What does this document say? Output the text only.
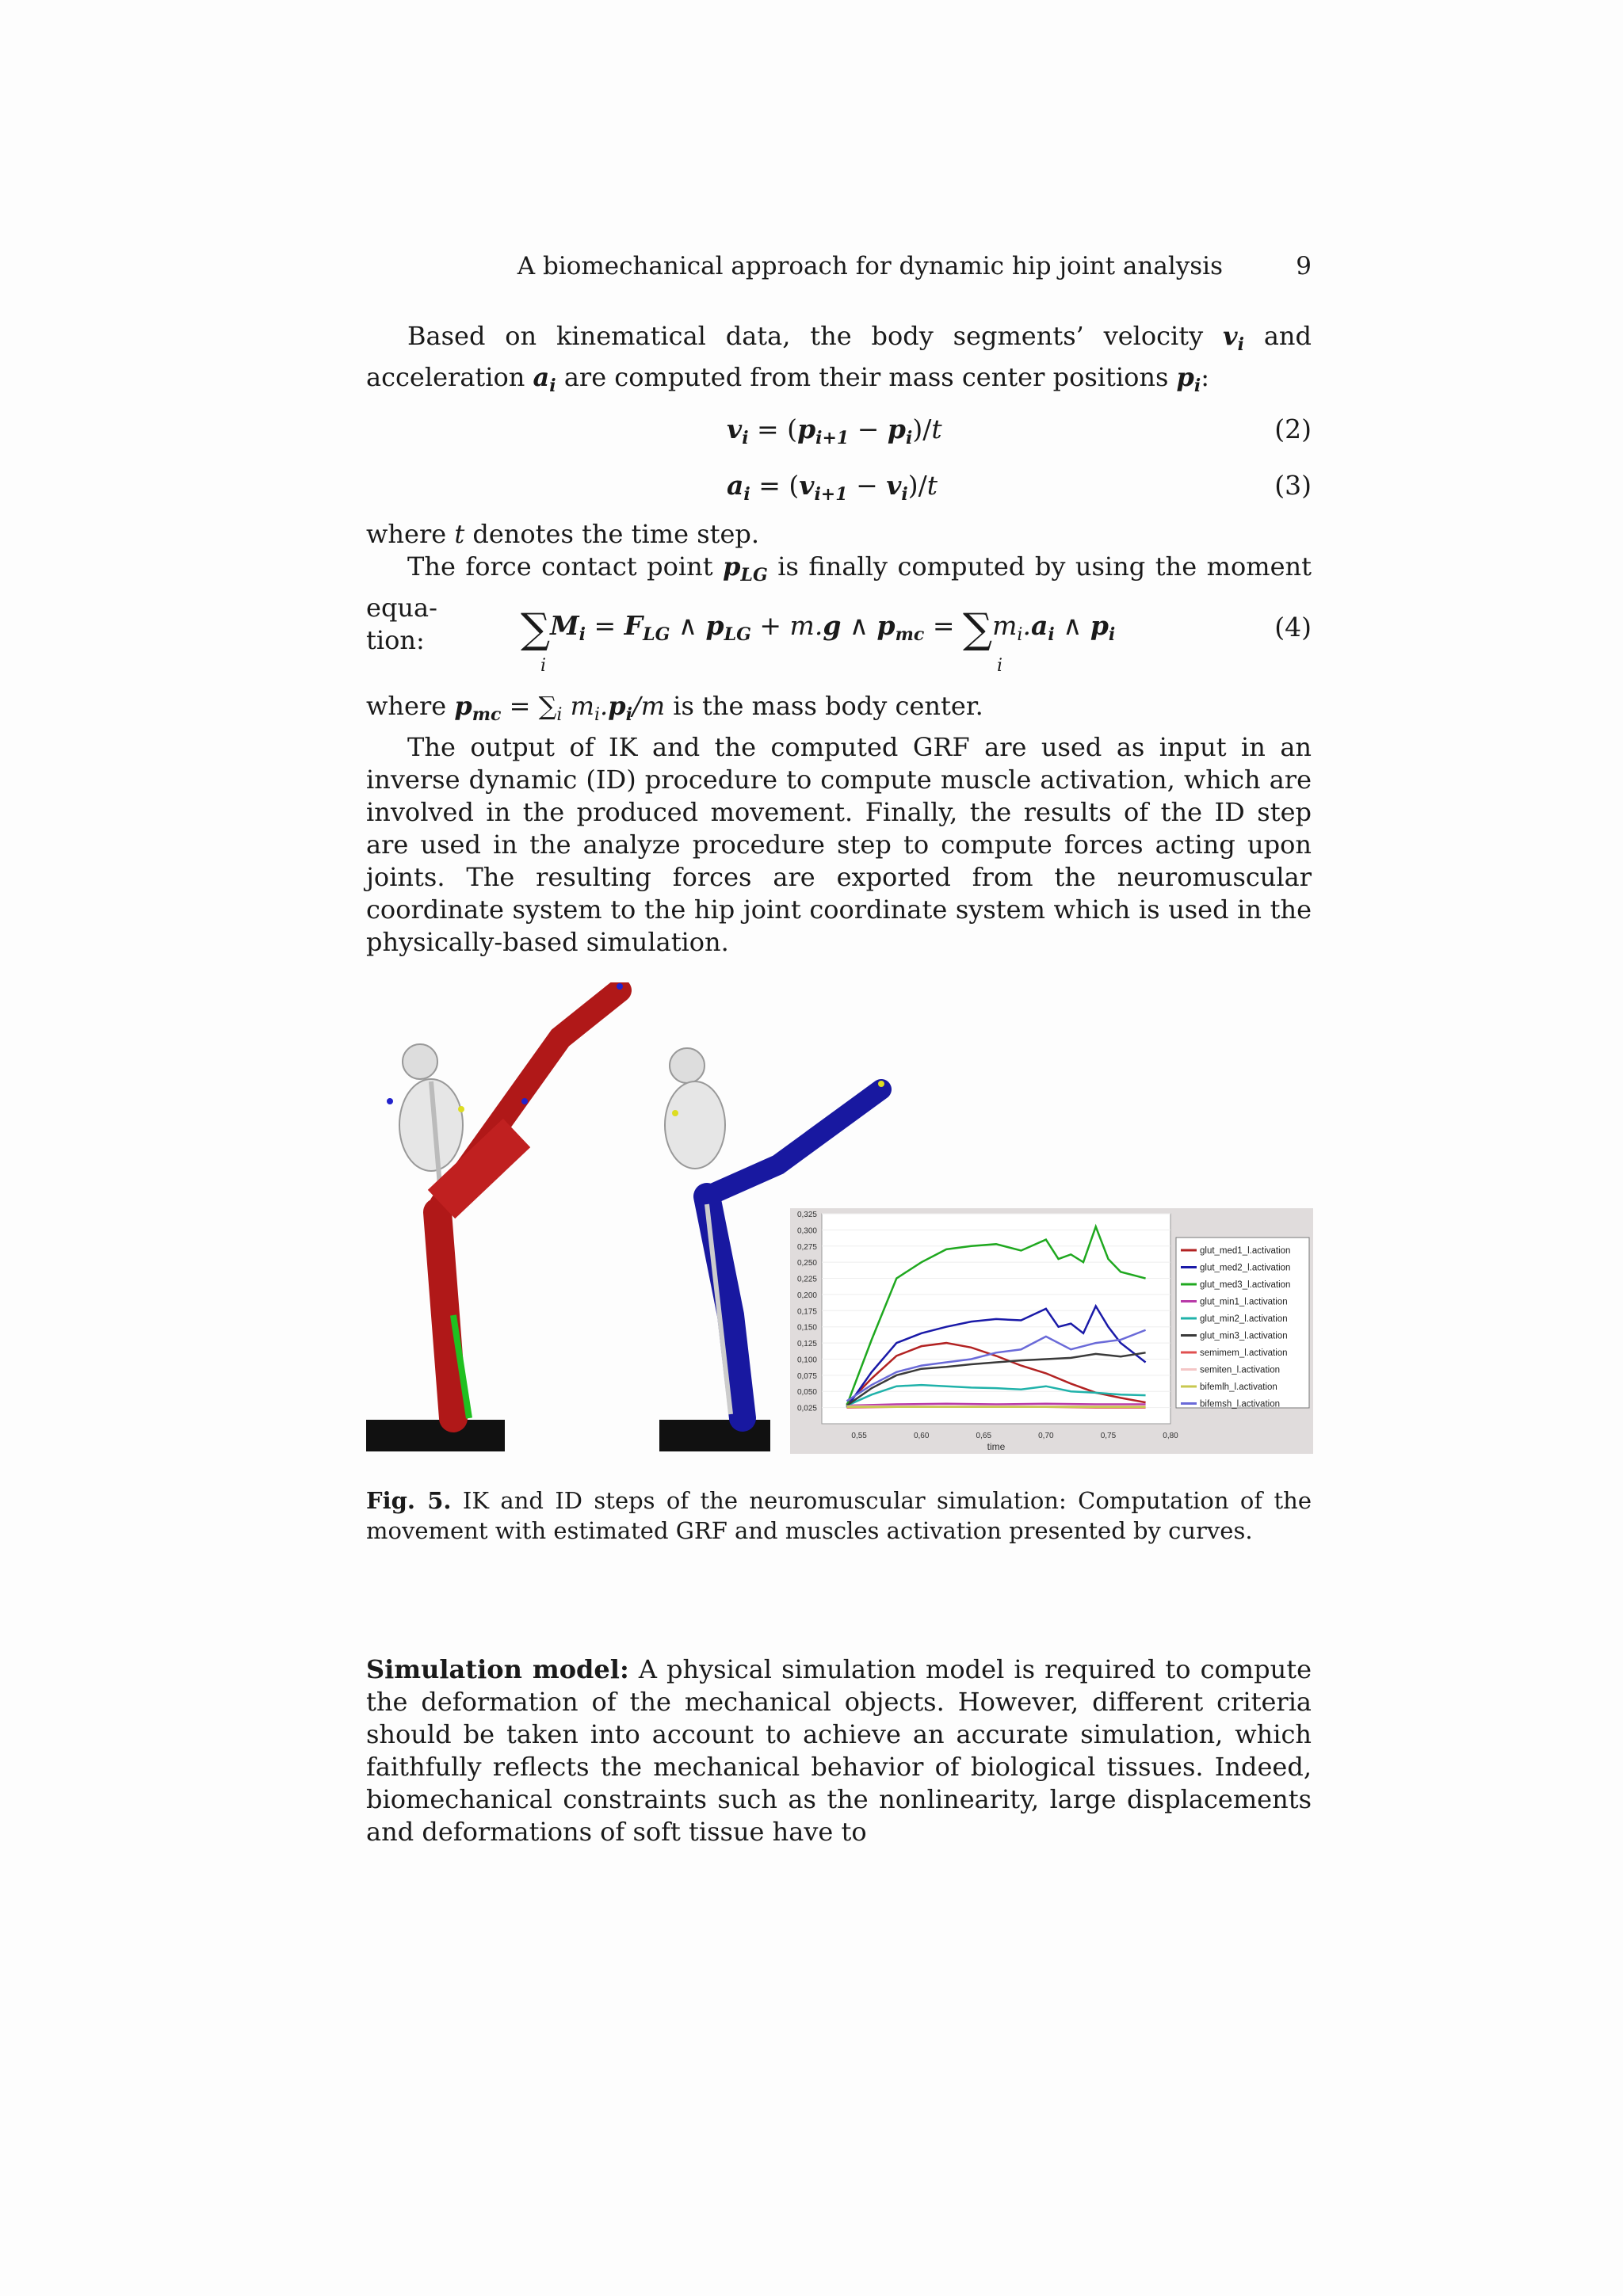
A biomechanical approach for dynamic hip joint analysis	9

Based on kinematical data, the body segments’ velocity $v_i$ and acceleration $a_i$ are computed from their mass center positions $p_i$:

$v_i = (p_{i+1} - p_i)/t$	(2)
$a_i = (v_{i+1} - v_i)/t$	(3)

where t denotes the time step.

The force contact point $p_{LG}$ is finally computed by using the moment equa-

tion:	$\sum M_i = F_{LG}$ ∧ $p_{LG} + m.g$ ∧ $p_{mc} = \sum m_i.a_i$ ∧ $p_i$
i	i
(4)

where $p_{mc} = \sum_i$ $m_i.p_i/m$ is the mass body center.

The output of IK and the computed GRF are used as input in an inverse dynamic (ID) procedure to compute muscle activation, which are involved in the produced movement. Finally, the results of the ID step are used in the analyze procedure step to compute forces acting upon joints. The resulting forces are exported from the neuromuscular coordinate system to the hip joint coordinate system which is used in the physically-based simulation.

0,325
0,300
0,275
0,250
0,225
0,200
0,175
0,150
0,125
0,100
0,075
0,050
0,025
0,55	0,60	0,65	0,70	0,75	0,80
time
glut_med1_l.activation
glut_med2_l.activation
glut_med3_l.activation
glut_min1_l.activation
glut_min2_l.activation
glut_min3_l.activation
semimem_l.activation
semiten_l.activation
bifemlh_l.activation
bifemsh_l.activation
Fig. 5. IK and ID steps of the neuromuscular simulation: Computation of the movement with estimated GRF and muscles activation presented by curves.

Simulation model: A physical simulation model is required to compute the deformation of the mechanical objects. However, different criteria should be taken into account to achieve an accurate simulation, which faithfully reflects the mechanical behavior of biological tissues. Indeed, biomechanical constraints such as the nonlinearity, large displacements and deformations of soft tissue have to
